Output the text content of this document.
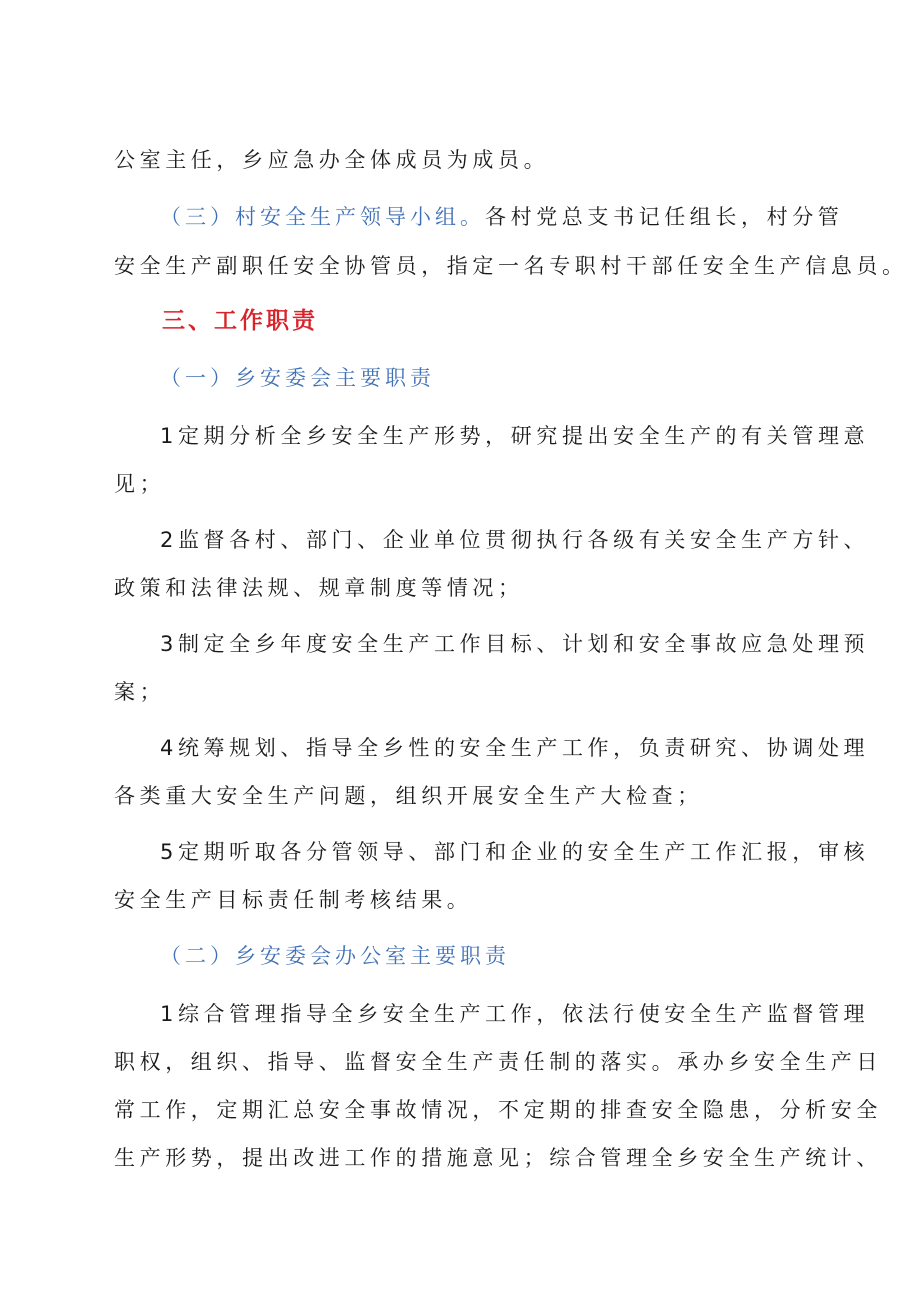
公室主任，乡应急办全体成员为成员。
（三）村安全生产领导小组。各村党总支书记任组长，村分管
安全生产副职任安全协管员，指定一名专职村干部任安全生产信息员。
三、工作职责
（一）乡安委会主要职责
1定期分析全乡安全生产形势，研究提出安全生产的有关管理意
见；
2监督各村、部门、企业单位贯彻执行各级有关安全生产方针、
政策和法律法规、规章制度等情况；
3制定全乡年度安全生产工作目标、计划和安全事故应急处理预
案；
4统筹规划、指导全乡性的安全生产工作，负责研究、协调处理
各类重大安全生产问题，组织开展安全生产大检查；
5定期听取各分管领导、部门和企业的安全生产工作汇报，审核
安全生产目标责任制考核结果。
（二）乡安委会办公室主要职责
1综合管理指导全乡安全生产工作，依法行使安全生产监督管理
职权，组织、指导、监督安全生产责任制的落实。承办乡安全生产日
常工作，定期汇总安全事故情况，不定期的排查安全隐患，分析安全
生产形势，提出改进工作的措施意见；综合管理全乡安全生产统计、
